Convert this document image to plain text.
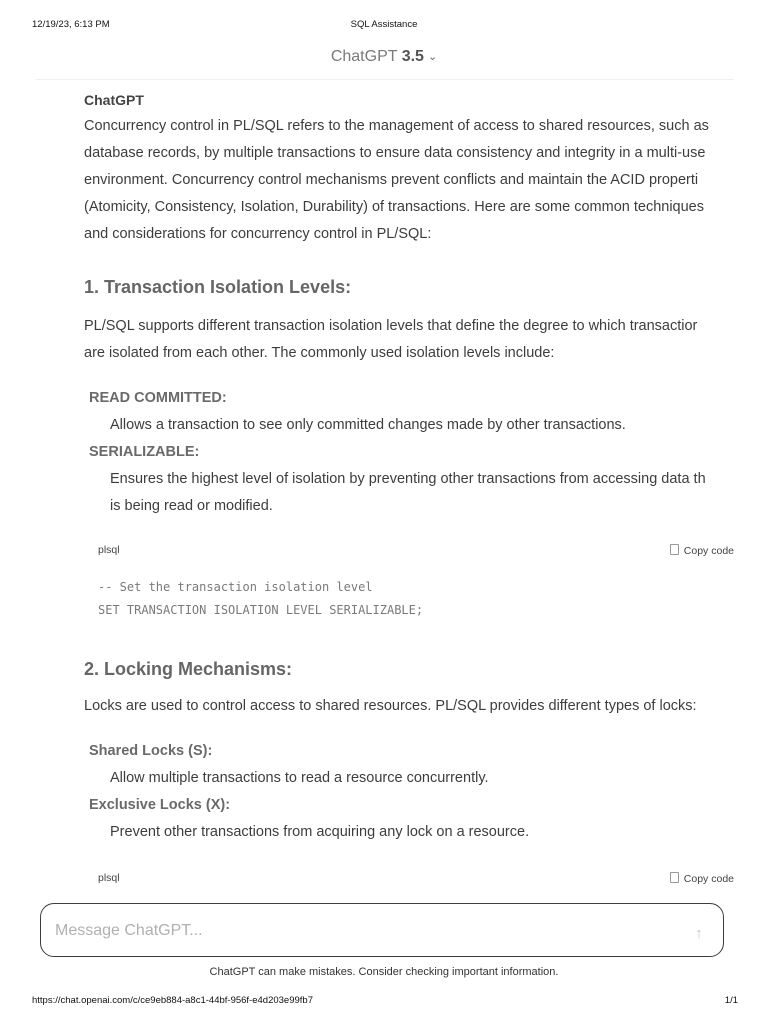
12/19/23, 6:13 PM	SQL Assistance
ChatGPT 3.5 ⌄
ChatGPT

Concurrency control in PL/SQL refers to the management of access to shared resources, such as

database records, by multiple transactions to ensure data consistency and integrity in a multi-use

environment. Concurrency control mechanisms prevent conflicts and maintain the ACID properti

(Atomicity, Consistency, Isolation, Durability) of transactions. Here are some common techniques

and considerations for concurrency control in PL/SQL:

1. Transaction Isolation Levels:

PL/SQL supports different transaction isolation levels that define the degree to which transactior

are isolated from each other. The commonly used isolation levels include:

• READ COMMITTED:
• Allows a transaction to see only committed changes made by other transactions.
• SERIALIZABLE:
• Ensures the highest level of isolation by preventing other transactions from accessing data th
• is being read or modified.
plsql	Copy code
-- Set the transaction isolation level
SET TRANSACTION ISOLATION LEVEL SERIALIZABLE;
2. Locking Mechanisms:

Locks are used to control access to shared resources. PL/SQL provides different types of locks:

• Shared Locks (S):
• Allow multiple transactions to read a resource concurrently.
• Exclusive Locks (X):
• Prevent other transactions from acquiring any lock on a resource.
plsql	Copy code
Message ChatGPT...
↑
ChatGPT can make mistakes. Consider checking important information.
https://chat.openai.com/c/ce9eb884-a8c1-44bf-956f-e4d203e99fb7	1/1
